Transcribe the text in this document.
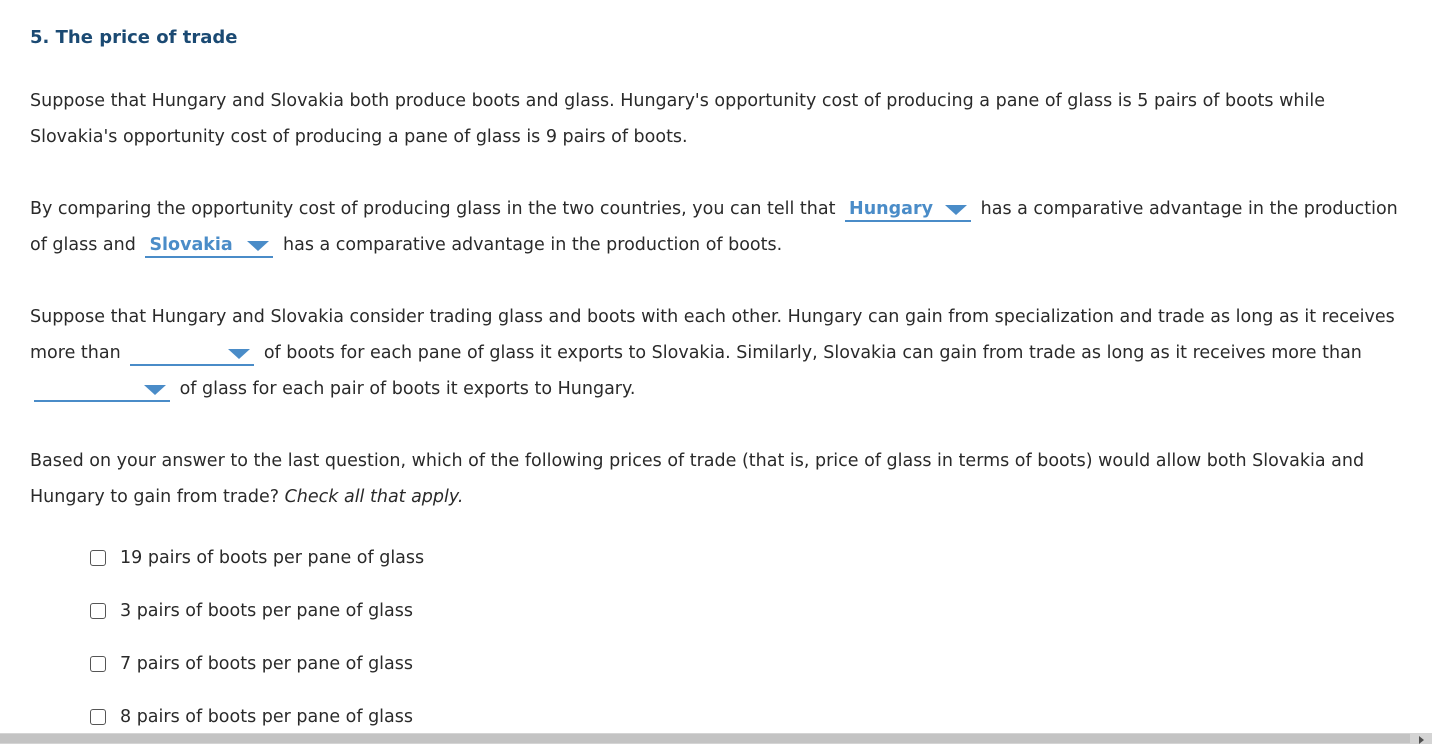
5. The price of trade
Suppose that Hungary and Slovakia both produce boots and glass. Hungary's opportunity cost of producing a pane of glass is 5 pairs of boots while Slovakia's opportunity cost of producing a pane of glass is 9 pairs of boots.
By comparing the opportunity cost of producing glass in the two countries, you can tell that Hungary	has a comparative advantage in the production of glass and Slovakia	has a comparative advantage in the production of boots.
Suppose that Hungary and Slovakia consider trading glass and boots with each other. Hungary can gain from specialization and trade as long as it receives more than	of boots for each pane of glass it exports to Slovakia. Similarly, Slovakia can gain from trade as long as it receives more than
of glass for each pair of boots it exports to Hungary.
Based on your answer to the last question, which of the following prices of trade (that is, price of glass in terms of boots) would allow both Slovakia and Hungary to gain from trade? Check all that apply.
19 pairs of boots per pane of glass
3 pairs of boots per pane of glass
7 pairs of boots per pane of glass
8 pairs of boots per pane of glass
